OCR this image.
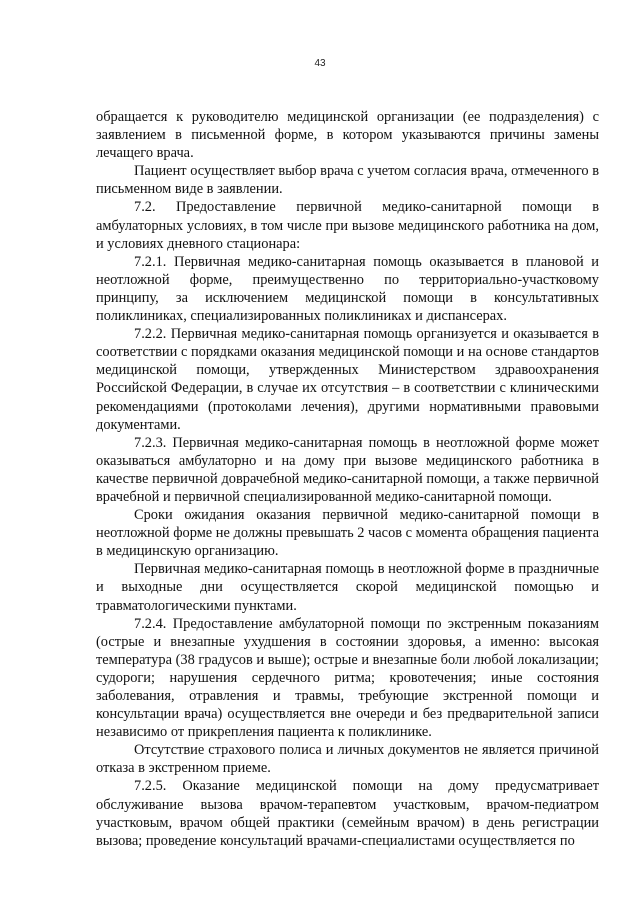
43

обращается к руководителю медицинской организации (ее подразделения) с заявлением в письменной форме, в котором указываются причины замены лечащего врача.

Пациент осуществляет выбор врача с учетом согласия врача, отмеченного в письменном виде в заявлении.

7.2. Предоставление первичной медико-санитарной помощи в амбулаторных условиях, в том числе при вызове медицинского работника на дом, и условиях дневного стационара:

7.2.1. Первичная медико-санитарная помощь оказывается в плановой и неотложной форме, преимущественно по территориально-участковому принципу, за исключением медицинской помощи в консультативных поликлиниках, специализированных поликлиниках и диспансерах.

7.2.2. Первичная медико-санитарная помощь организуется и оказывается в соответствии с порядками оказания медицинской помощи и на основе стандартов медицинской помощи, утвержденных Министерством здравоохранения Российской Федерации, в случае их отсутствия – в соответствии с клиническими рекомендациями (протоколами лечения), другими нормативными правовыми документами.

7.2.3. Первичная медико-санитарная помощь в неотложной форме может оказываться амбулаторно и на дому при вызове медицинского работника в качестве первичной доврачебной медико-санитарной помощи, а также первичной врачебной и первичной специализированной медико-санитарной помощи.

Сроки ожидания оказания первичной медико-санитарной помощи в неотложной форме не должны превышать 2 часов с момента обращения пациента в медицинскую организацию.

Первичная медико-санитарная помощь в неотложной форме в праздничные и выходные дни осуществляется скорой медицинской помощью и травматологическими пунктами.

7.2.4. Предоставление амбулаторной помощи по экстренным показаниям (острые и внезапные ухудшения в состоянии здоровья, а именно: высокая температура (38 градусов и выше); острые и внезапные боли любой локализации; судороги; нарушения сердечного ритма; кровотечения; иные состояния заболевания, отравления и травмы, требующие экстренной помощи и консультации врача) осуществляется вне очереди и без предварительной записи независимо от прикрепления пациента к поликлинике.

Отсутствие страхового полиса и личных документов не является причиной отказа в экстренном приеме.

7.2.5. Оказание медицинской помощи на дому предусматривает обслуживание вызова врачом-терапевтом участковым, врачом-педиатром участковым, врачом общей практики (семейным врачом) в день регистрации вызова; проведение консультаций врачами-специалистами осуществляется по
